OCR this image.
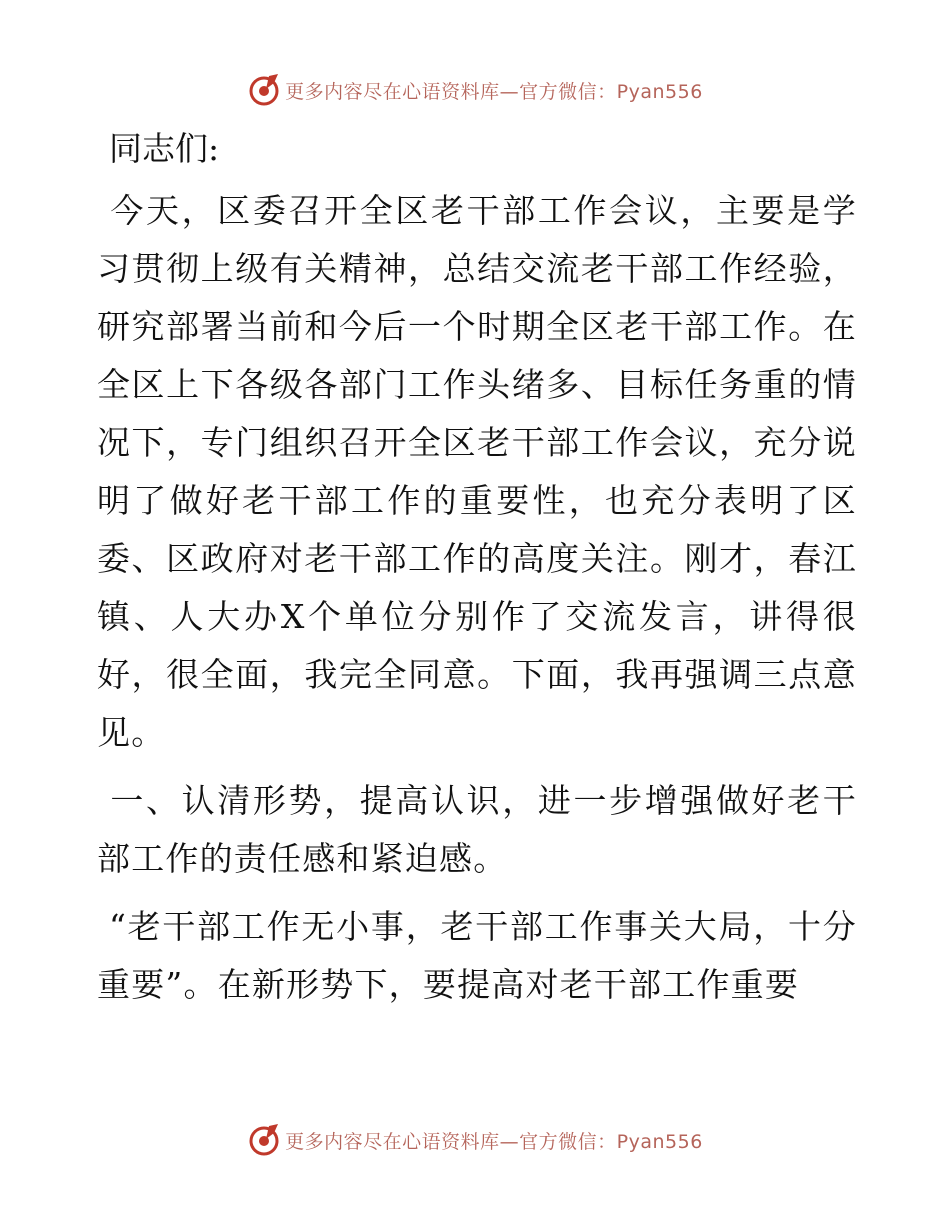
更多内容尽在心语资料库—官方微信：Pyan556

同志们:

今天，区委召开全区老干部工作会议，主要是学习贯彻上级有关精神，总结交流老干部工作经验，研究部署当前和今后一个时期全区老干部工作。在全区上下各级各部门工作头绪多、目标任务重的情况下，专门组织召开全区老干部工作会议，充分说明了做好老干部工作的重要性，也充分表明了区委、区政府对老干部工作的高度关注。刚才，春江镇、人大办X个单位分别作了交流发言，讲得很好，很全面，我完全同意。下面，我再强调三点意见。

一、认清形势，提高认识，进一步增强做好老干部工作的责任感和紧迫感。

“老干部工作无小事，老干部工作事关大局，十分重要”。在新形势下，要提高对老干部工作重要

更多内容尽在心语资料库—官方微信：Pyan556
